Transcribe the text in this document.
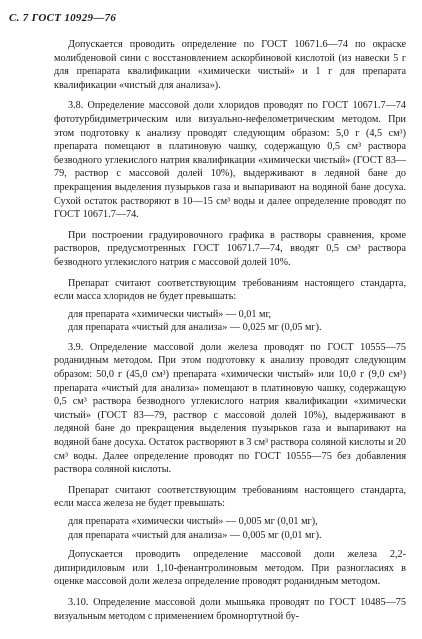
С. 7 ГОСТ 10929—76

Допускается проводить определение по ГОСТ 10671.6—74 по окраске молибденовой сини с восстановлением аскорбиновой кислотой (из навески 5 г для препарата квалификации «химически чистый» и 1 г для препарата квалификации «чистый для анализа»).

3.8. Определение массовой доли хлоридов проводят по ГОСТ 10671.7—74 фототурбидиметрическим или визуально-нефелометрическим методом. При этом подготовку к анализу проводят следующим образом: 5,0 г (4,5 см³) препарата помещают в платиновую чашку, содержащую 0,5 см³ раствора безводного углекислого натрия квалификации «химически чистый» (ГОСТ 83—79, раствор с массовой долей 10%), выдерживают в ледяной бане до прекращения выделения пузырьков газа и выпаривают на водяной бане досуха. Сухой остаток растворяют в 10—15 см³ воды и далее определение проводят по ГОСТ 10671.7—74.

При построении градуировочного графика в растворы сравнения, кроме растворов, предусмотренных ГОСТ 10671.7—74, вводят 0,5 см³ раствора безводного углекислого натрия с массовой долей 10%.

Препарат считают соответствующим требованиям настоящего стандарта, если масса хлоридов не будет превышать:

для препарата «химически чистый» — 0,01 мг,

для препарата «чистый для анализа» — 0,025 мг (0,05 мг).

3.9. Определение массовой доли железа проводят по ГОСТ 10555—75 роданидным методом. При этом подготовку к анализу проводят следующим образом: 50,0 г (45,0 см³) препарата «химически чистый» или 10,0 г (9,0 см³) препарата «чистый для анализа» помещают в платиновую чашку, содержащую 0,5 см³ раствора безводного углекислого натрия квалификации «химически чистый» (ГОСТ 83—79, раствор с массовой долей 10%), выдерживают в ледяной бане до прекращения выделения пузырьков газа и выпаривают на водяной бане досуха. Остаток растворяют в 3 см³ раствора соляной кислоты и 20 см³ воды. Далее определение проводят по ГОСТ 10555—75 без добавления раствора соляной кислоты.

Препарат считают соответствующим требованиям настоящего стандарта, если масса железа не будет превышать:

для препарата «химически чистый» — 0,005 мг (0,01 мг),

для препарата «чистый для анализа» — 0,005 мг (0,01 мг).

Допускается проводить определение массовой доли железа 2,2-дипиридиловым или 1,10-фенантролиновым методом. При разногласиях в оценке массовой доли железа определение проводят роданидным методом.

3.10. Определение массовой доли мышьяка проводят по ГОСТ 10485—75 визуальным методом с применением бромнортутной бу-
